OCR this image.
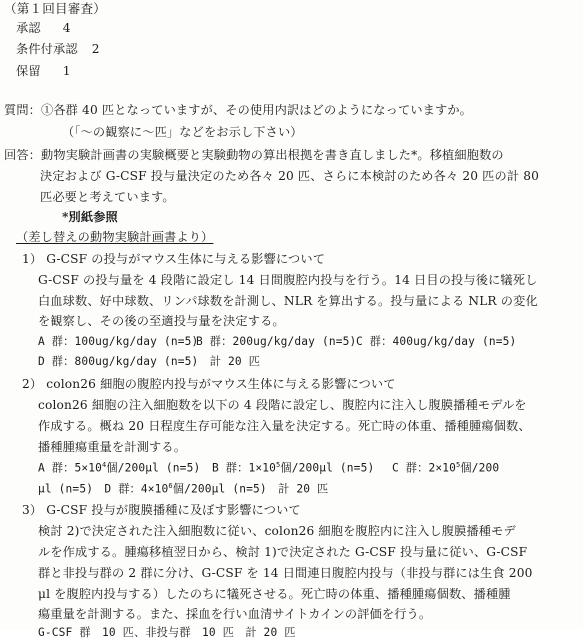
（第１回目審査）
承認 4
条件付承認 2
保留 1
質問：①各群 40 匹となっていますが、その使用内訳はどのようになっていますか。
（「～の観察に～匹」などをお示し下さい）
回答：動物実験計画書の実験概要と実験動物の算出根拠を書き直しました*。移植細胞数の
決定および G-CSF 投与量決定のため各々 20 匹、さらに本検討のため各々 20 匹の計 80
匹必要と考えています。
*別紙参照
（差し替えの動物実験計画書より）
1） G-CSF の投与がマウス生体に与える影響について
G-CSF の投与量を 4 段階に設定し 14 日間腹腔内投与を行う。14 日目の投与後に犠死し
白血球数、好中球数、リンパ球数を計測し、NLR を算出する。投与量による NLR の変化
を観察し、その後の至適投与量を決定する。
A 群：100ug/kg/day (n=5)
B 群：200ug/kg/day (n=5) C 群：400ug/kg/day (n=5)
D 群：800ug/kg/day (n=5)　計 20 匹
2） colon26 細胞の腹腔内投与がマウス生体に与える影響について
colon26 細胞の注入細胞数を以下の 4 段階に設定し、腹腔内に注入し腹膜播種モデルを
作成する。概ね 20 日程度生存可能な注入量を決定する。死亡時の体重、播種腫瘍個数、
播種腫瘍重量を計測する。
A 群：$5\times 10^4$個/200μl (n=5) B 群：$1\times 10^5$個/200μl (n=5) C 群：$2\times 10^5$個/200
μl (n=5)　D 群：$4\times 10^6$個/200μl (n=5)　計 20 匹
3） G-CSF 投与が腹膜播種に及ぼす影響について
検討 2)で決定された注入細胞数に従い、colon26 細胞を腹腔内に注入し腹膜播種モデ
ルを作成する。腫瘍移植翌日から、検討 1)で決定された G-CSF 投与量に従い、G-CSF
群と非投与群の 2 群に分け、G-CSF を 14 日間連日腹腔内投与（非投与群には生食 200
μl を腹腔内投与する）したのちに犠死させる。死亡時の体重、播種腫瘍個数、播種腫
瘍重量を計測する。また、採血を行い血清サイトカインの評価を行う。
G-CSF 群　10 匹、非投与群　10 匹　計 20 匹
